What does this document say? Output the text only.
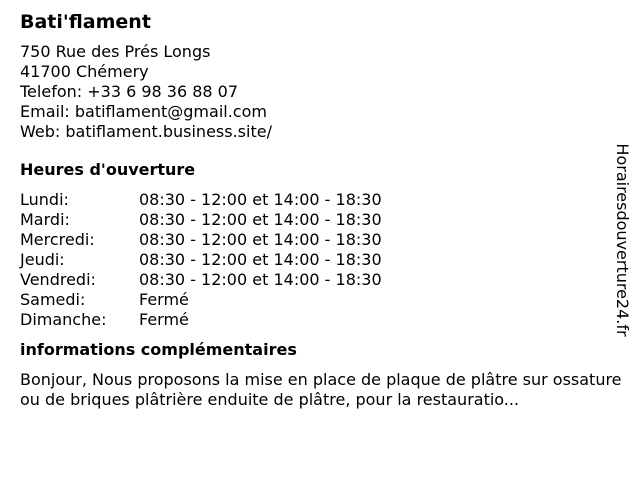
Bati'flament
750 Rue des Prés Longs
41700 Chémery
Telefon: +33 6 98 36 88 07
Email: batiflament@gmail.com
Web: batiflament.business.site/
Heures d'ouverture
Lundi:	08:30 - 12:00 et 14:00 - 18:30
Mardi:	08:30 - 12:00 et 14:00 - 18:30
Mercredi:	08:30 - 12:00 et 14:00 - 18:30
Jeudi:	08:30 - 12:00 et 14:00 - 18:30
Vendredi:	08:30 - 12:00 et 14:00 - 18:30
Samedi:	Fermé
Dimanche:	Fermé
informations complémentaires
Bonjour, Nous proposons la mise en place de plaque de plâtre sur ossature ou de briques plâtrière enduite de plâtre, pour la restauratio...
Horairesdouverture24.fr
